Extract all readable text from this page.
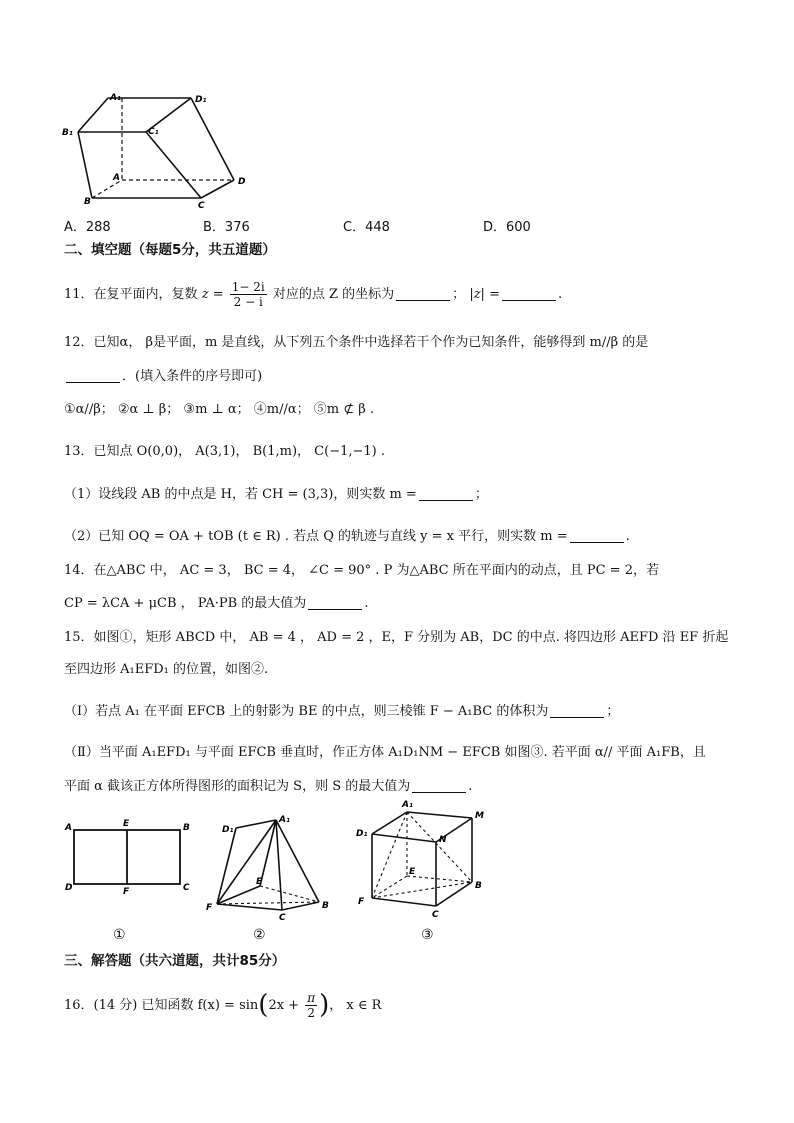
A₁	D₁
B₁	C₁
A	D
B	C
A．288	B．376	C．448	D．600
二、填空题（每题5分，共五道题）
11．在复平面内，复数 $z = \frac{1- 2i}{2 - i}$ 对应的点 Z 的坐标为	； |z| =	.
12．已知α， β是平面，m 是直线，从下列五个条件中选择若干个作为已知条件，能够得到 m//β 的是
．(填入条件的序号即可)
①α//β； ②α ⊥ β； ③m ⊥ α； ④m//α； ⑤m ⊄ β .
13．已知点 O(0,0)， A(3,1)， B(1,m)， C(−1,−1) .
（1）设线段 AB 的中点是 H，若 CH = (3,3)，则实数 m =	；
（2）已知 OQ = OA + tOB (t ∈ R) . 若点 Q 的轨迹与直线 y = x 平行，则实数 m =	.
14．在△ABC 中， AC = 3， BC = 4， ∠C = 90° . P 为△ABC 所在平面内的动点，且 PC = 2，若
CP = λCA + μCB ， PA·PB 的最大值为	.
15．如图①，矩形 ABCD 中， AB = 4 ， AD = 2 ，E，F 分别为 AB，DC 的中点. 将四边形 AEFD 沿 EF 折起
至四边形 A₁EFD₁ 的位置，如图②.
（Ⅰ）若点 A₁ 在平面 EFCB 上的射影为 BE 的中点，则三棱锥 F − A₁BC 的体积为	；
（Ⅱ）当平面 A₁EFD₁ 与平面 EFCB 垂直时，作正方体 A₁D₁NM − EFCB 如图③. 若平面 α// 平面 A₁FB，且
平面 α 截该正方体所得图形的面积记为 S，则 S 的最大值为	.
A	E	B
D	F	C
D₁
A₁
E
F
C
B
A₁
M
D₁
N
E
F
C
B
①	②	③
三、解答题（共六道题，共计85分）
16．(14 分) 已知函数 $f(x) = \sin(2x + \frac{\pi}{2}$ )， x ∈ R
